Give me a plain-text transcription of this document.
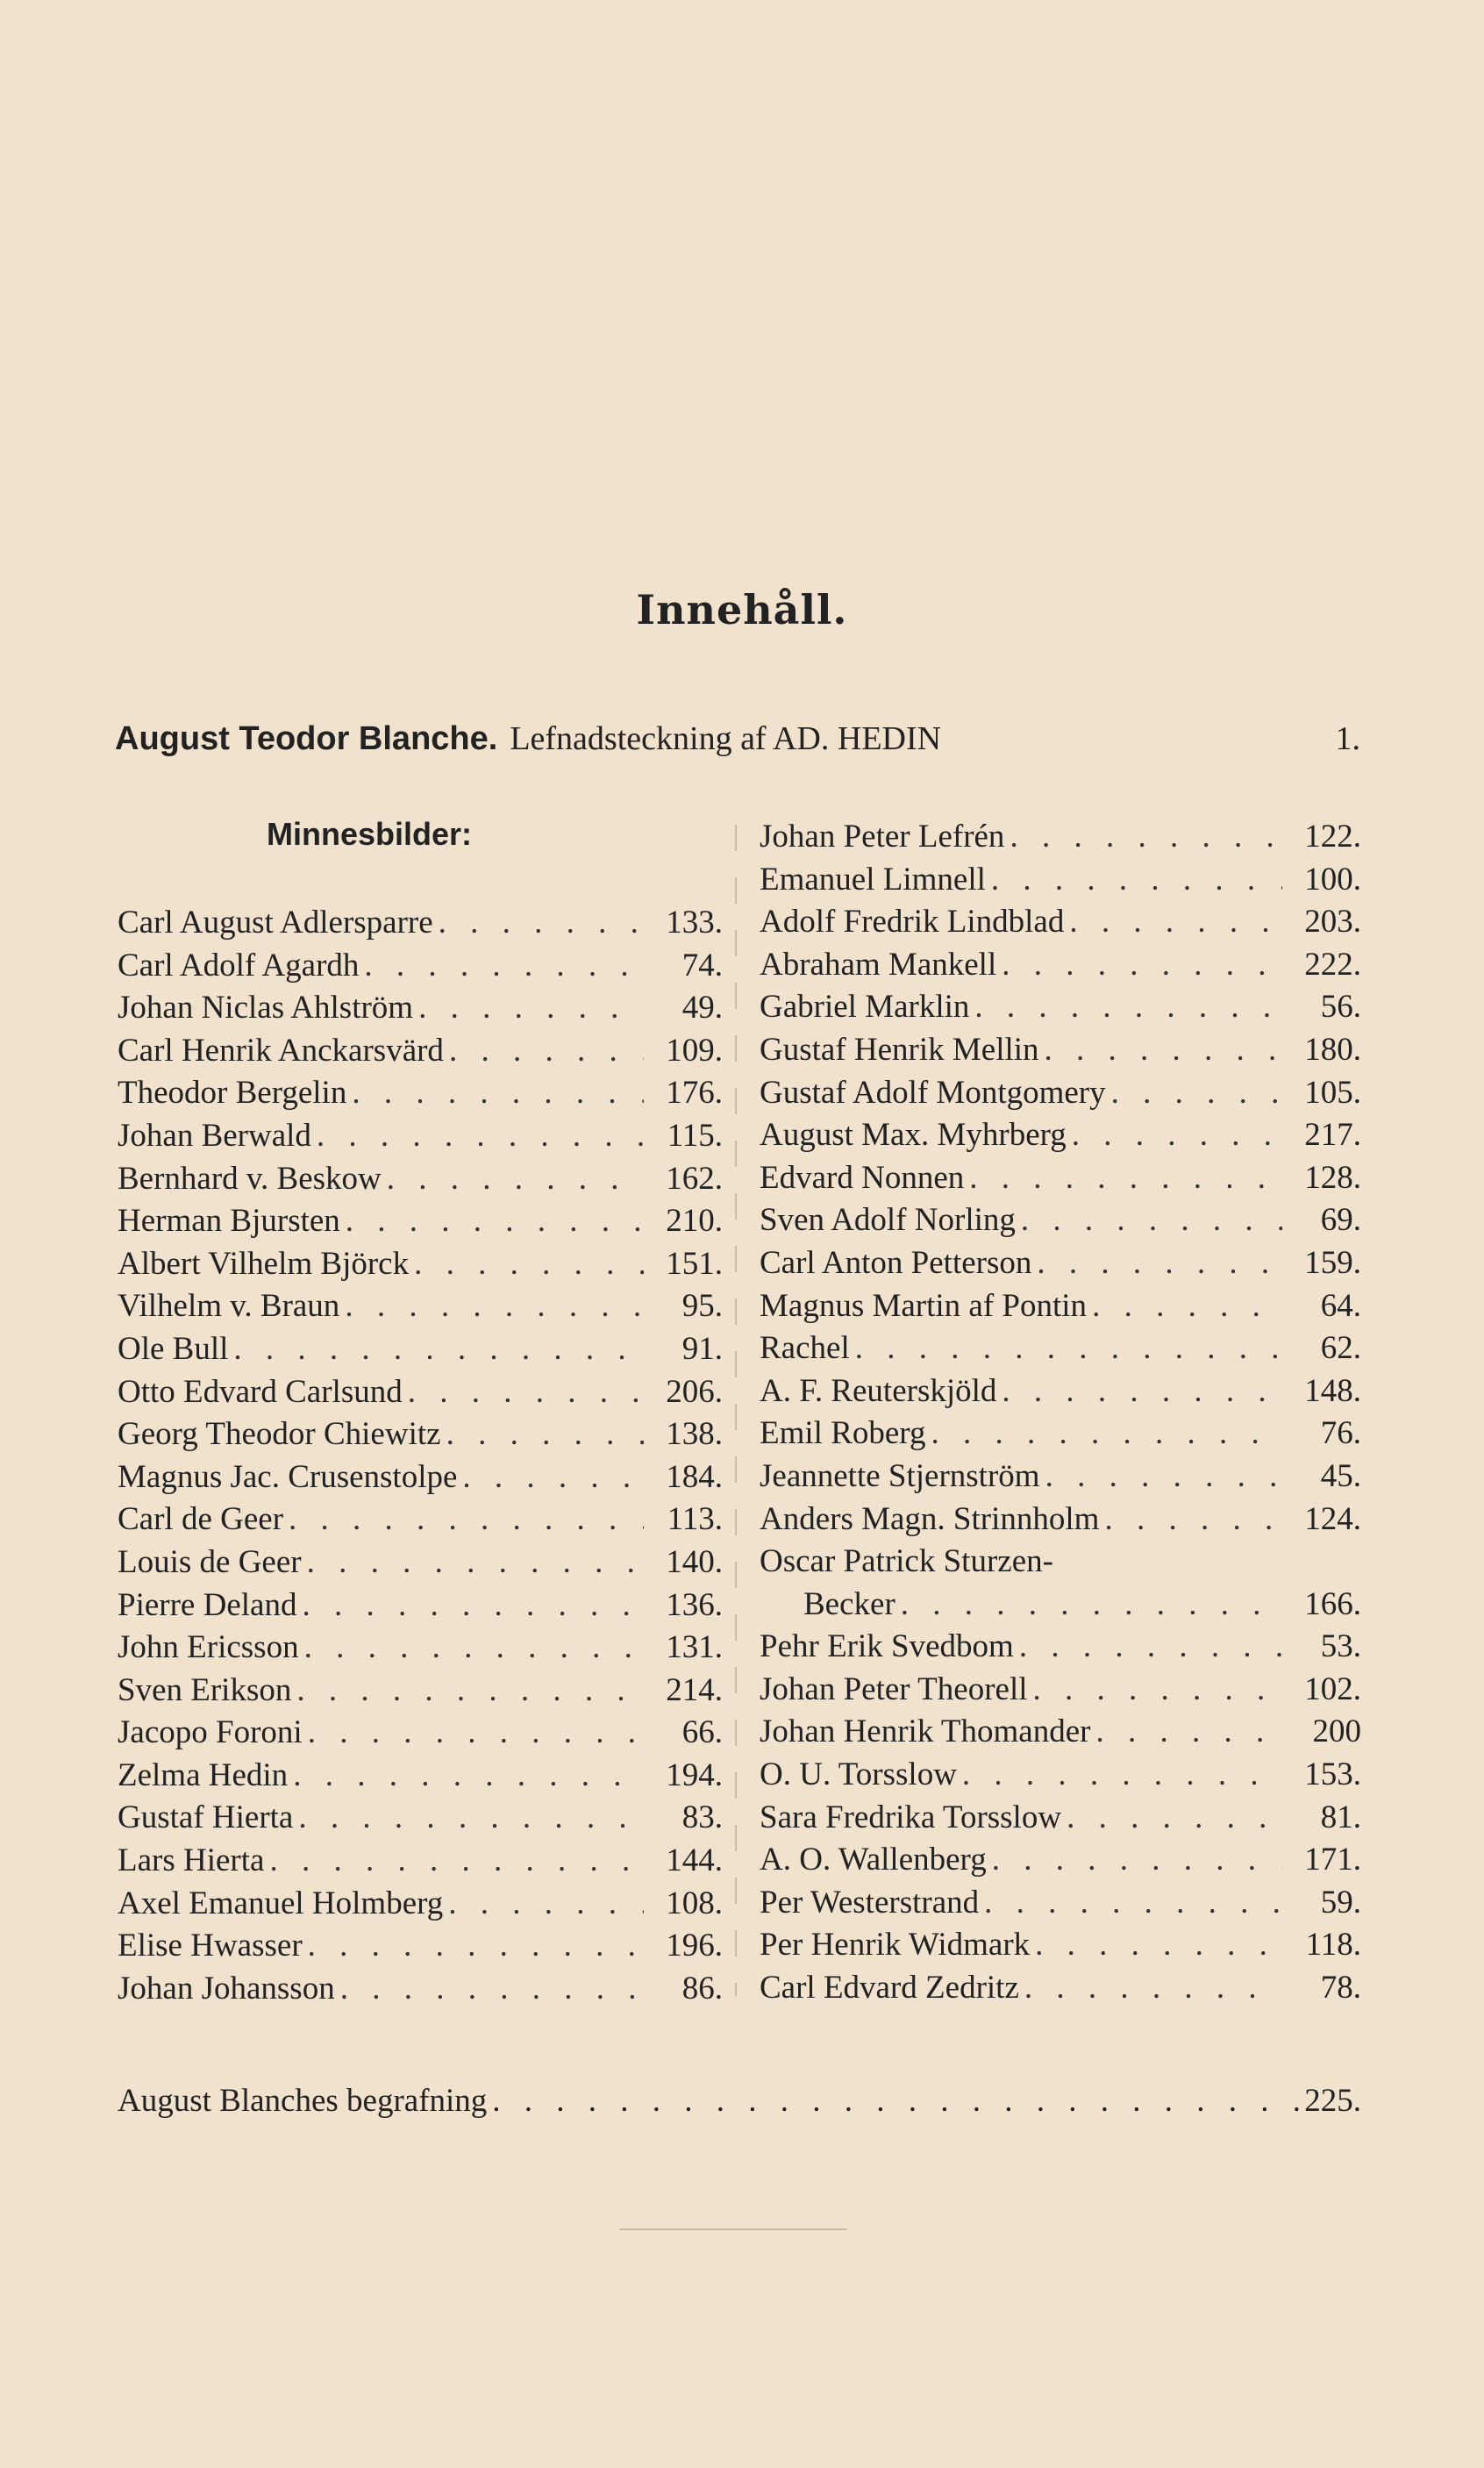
Innehåll.
August Teodor Blanche. Lefnadsteckning af AD. HEDIN	1.
Minnesbilder:
Carl August Adlersparre . . .	133.
Carl Adolf Agardh . . .	74.
Johan Niclas Ahlström . . .	49.
Carl Henrik Anckarsvärd . . .	109.
Theodor Bergelin . . .	176.
Johan Berwald . . .	115.
Bernhard v. Beskow . . .	162.
Herman Bjursten . . .	210.
Albert Vilhelm Björck . . .	151.
Vilhelm v. Braun . . .	95.
Ole Bull . . .	91.
Otto Edvard Carlsund . . .	206.
Georg Theodor Chiewitz . . .	138.
Magnus Jac. Crusenstolpe . . .	184.
Carl de Geer . . .	113.
Louis de Geer . . .	140.
Pierre Deland . . .	136.
John Ericsson . . .	131.
Sven Erikson . . .	214.
Jacopo Foroni . . .	66.
Zelma Hedin . . .	194.
Gustaf Hierta . . .	83.
Lars Hierta . . .	144.
Axel Emanuel Holmberg . . .	108.
Elise Hwasser . . .	196.
Johan Johansson . . .	86.
Johan Peter Lefrén . . .	122.
Emanuel Limnell . . .	100.
Adolf Fredrik Lindblad . . .	203.
Abraham Mankell . . .	222.
Gabriel Marklin . . .	56.
Gustaf Henrik Mellin . . .	180.
Gustaf Adolf Montgomery . . .	105.
August Max. Myhrberg . . .	217.
Edvard Nonnen . . .	128.
Sven Adolf Norling . . .	69.
Carl Anton Petterson . . .	159.
Magnus Martin af Pontin . . .	64.
Rachel . . .	62.
A. F. Reuterskjöld . . .	148.
Emil Roberg . . .	76.
Jeannette Stjernström . . .	45.
Anders Magn. Strinnholm . . .	124.
Oscar Patrick Sturzen-
Becker . . .	166.
Pehr Erik Svedbom . . .	53.
Johan Peter Theorell . . .	102.
Johan Henrik Thomander . . .	200
O. U. Torsslow . . .	153.
Sara Fredrika Torsslow . . .	81.
A. O. Wallenberg . . .	171.
Per Westerstrand . . .	59.
Per Henrik Widmark . . .	118.
Carl Edvard Zedritz . . .	78.
August Blanches begrafning . . .	225.
